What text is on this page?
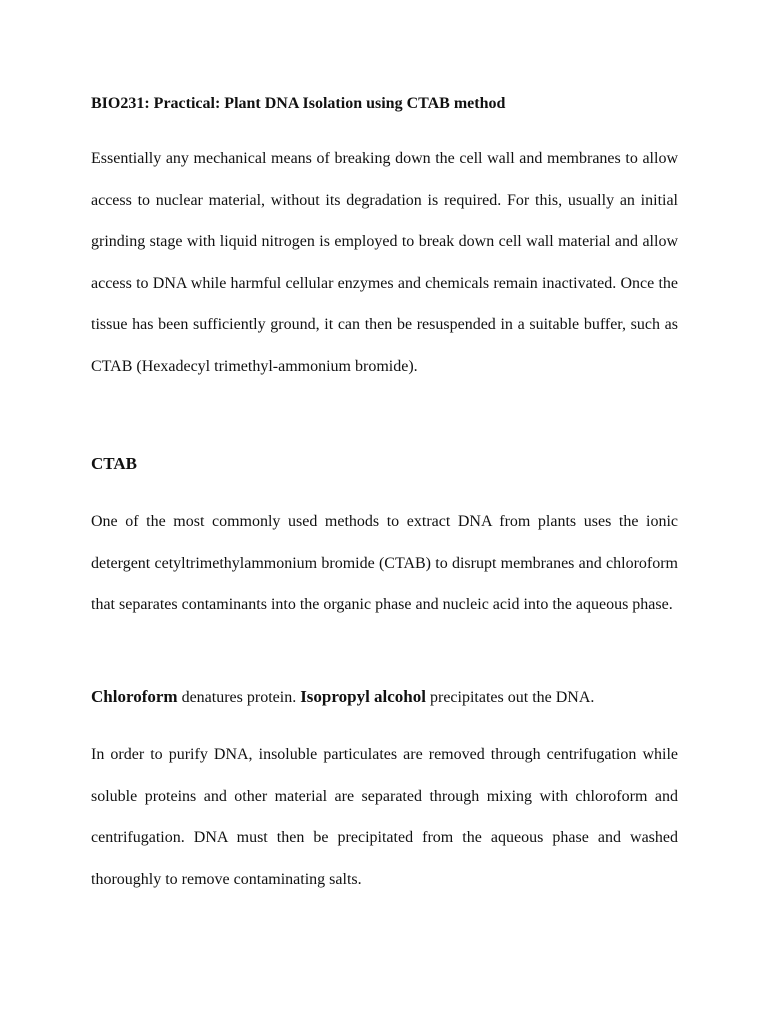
BIO231: Practical: Plant DNA Isolation using CTAB method

Essentially any mechanical means of breaking down the cell wall and membranes to allow access to nuclear material, without its degradation is required. For this, usually an initial grinding stage with liquid nitrogen is employed to break down cell wall material and allow access to DNA while harmful cellular enzymes and chemicals remain inactivated. Once the tissue has been sufficiently ground, it can then be resuspended in a suitable buffer, such as CTAB (Hexadecyl trimethyl-ammonium bromide).

CTAB

One of the most commonly used methods to extract DNA from plants uses the ionic detergent cetyltrimethylammonium bromide (CTAB) to disrupt membranes and chloroform that separates contaminants into the organic phase and nucleic acid into the aqueous phase.

Chloroform denatures protein. Isopropyl alcohol precipitates out the DNA.

In order to purify DNA, insoluble particulates are removed through centrifugation while soluble proteins and other material are separated through mixing with chloroform and centrifugation. DNA must then be precipitated from the aqueous phase and washed thoroughly to remove contaminating salts.
